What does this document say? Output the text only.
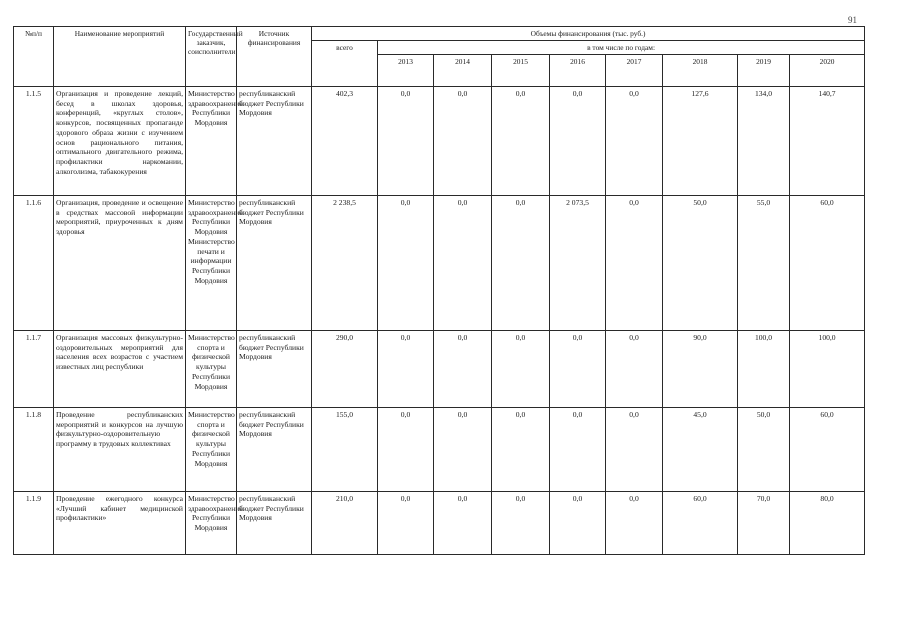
91
№п/п	Наименование мероприятий	Государственный заказчик, соисполнители	Источник финансирования	Объемы финансирования (тыс. руб.)								
				всего	в том числе по годам:							
					2013	2014	2015	2016	2017	2018	2019	2020
1.1.5	Организация и проведение лекций, бесед в школах здоровья, конференций, «круглых столов», конкурсов, посвященных пропаганде здорового образа жизни с изучением основ рационального питания, оптимального двигательного режима, профилактики наркомании, алкоголизма, табакокурения	Министерство здравоохранения Республики Мордовия	республиканский бюджет Республики Мордовия	402,3	0,0	0,0	0,0	0,0	0,0	127,6	134,0	140,7
1.1.6	Организация, проведение и освещение в средствах массовой информации мероприятий, приуроченных к дням здоровья	Министерство здравоохранения Республики Мордовия Министерство печати и информации Республики Мордовия	республиканский бюджет Республики Мордовия	2 238,5	0,0	0,0	0,0	2 073,5	0,0	50,0	55,0	60,0
1.1.7	Организация массовых физкультурно-оздоровительных мероприятий для населения всех возрастов с участием известных лиц республики	Министерство спорта и физической культуры Республики Мордовия	республиканский бюджет Республики Мордовия	290,0	0,0	0,0	0,0	0,0	0,0	90,0	100,0	100,0
1.1.8	Проведение республиканских мероприятий и конкурсов на лучшую физкультурно-оздоровительную программу в трудовых коллективах	Министерство спорта и физической культуры Республики Мордовия	республиканский бюджет Республики Мордовия	155,0	0,0	0,0	0,0	0,0	0,0	45,0	50,0	60,0
1.1.9	Проведение ежегодного конкурса «Лучший кабинет медицинской профилактики»	Министерство здравоохранения Республики Мордовия	республиканский бюджет Республики Мордовия	210,0	0,0	0,0	0,0	0,0	0,0	60,0	70,0	80,0
